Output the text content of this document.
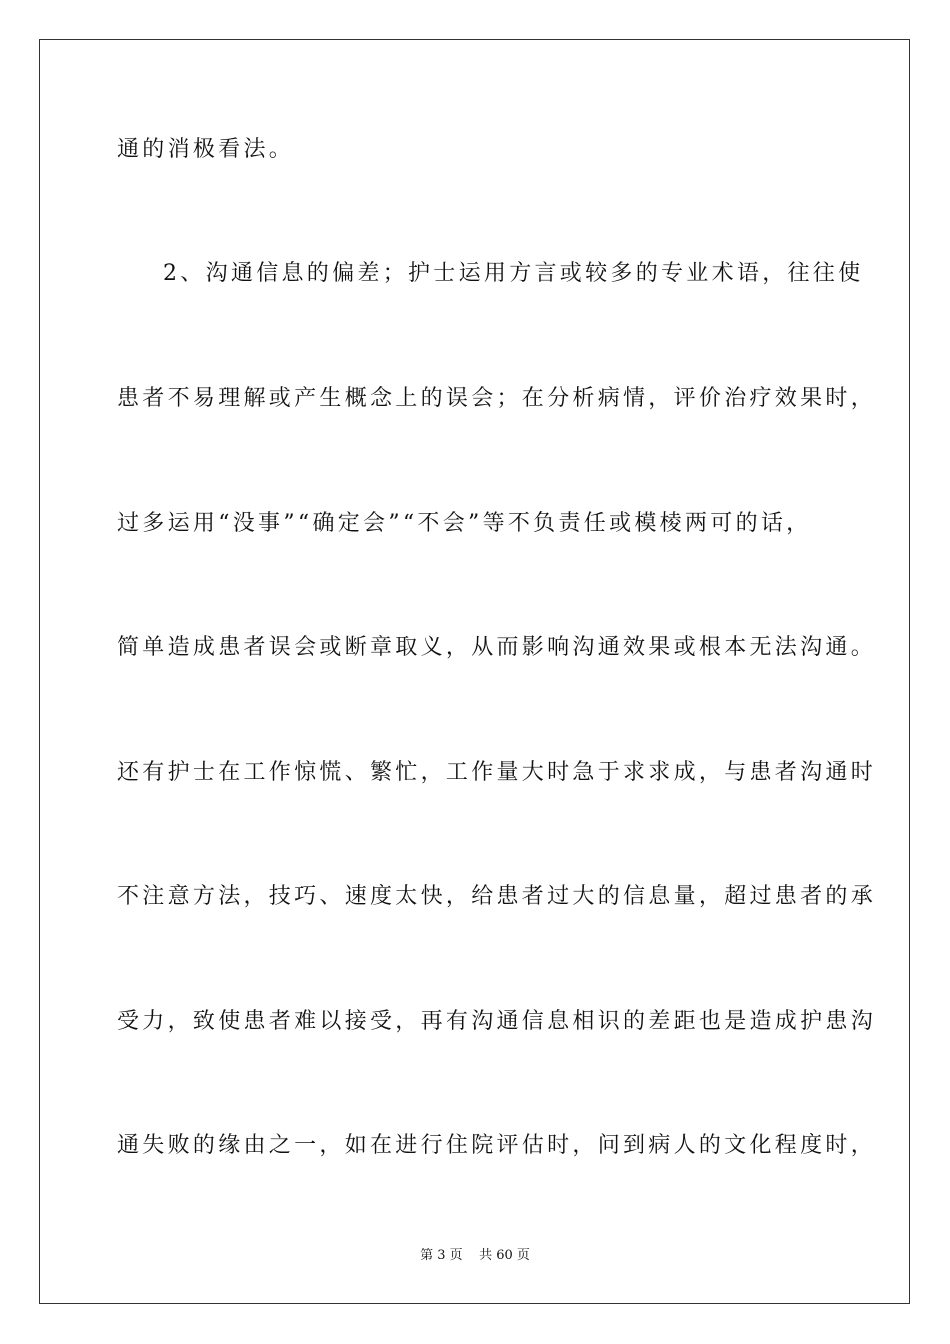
通的消极看法。
2、沟通信息的偏差；护士运用方言或较多的专业术语，往往使
患者不易理解或产生概念上的误会；在分析病情，评价治疗效果时，
过多运用“没事”“确定会”“不会”等不负责任或模棱两可的话，
简单造成患者误会或断章取义，从而影响沟通效果或根本无法沟通。
还有护士在工作惊慌、繁忙，工作量大时急于求求成，与患者沟通时
不注意方法，技巧、速度太快，给患者过大的信息量，超过患者的承
受力，致使患者难以接受，再有沟通信息相识的差距也是造成护患沟
通失败的缘由之一，如在进行住院评估时，问到病人的文化程度时，
第 3 页    共 60 页
